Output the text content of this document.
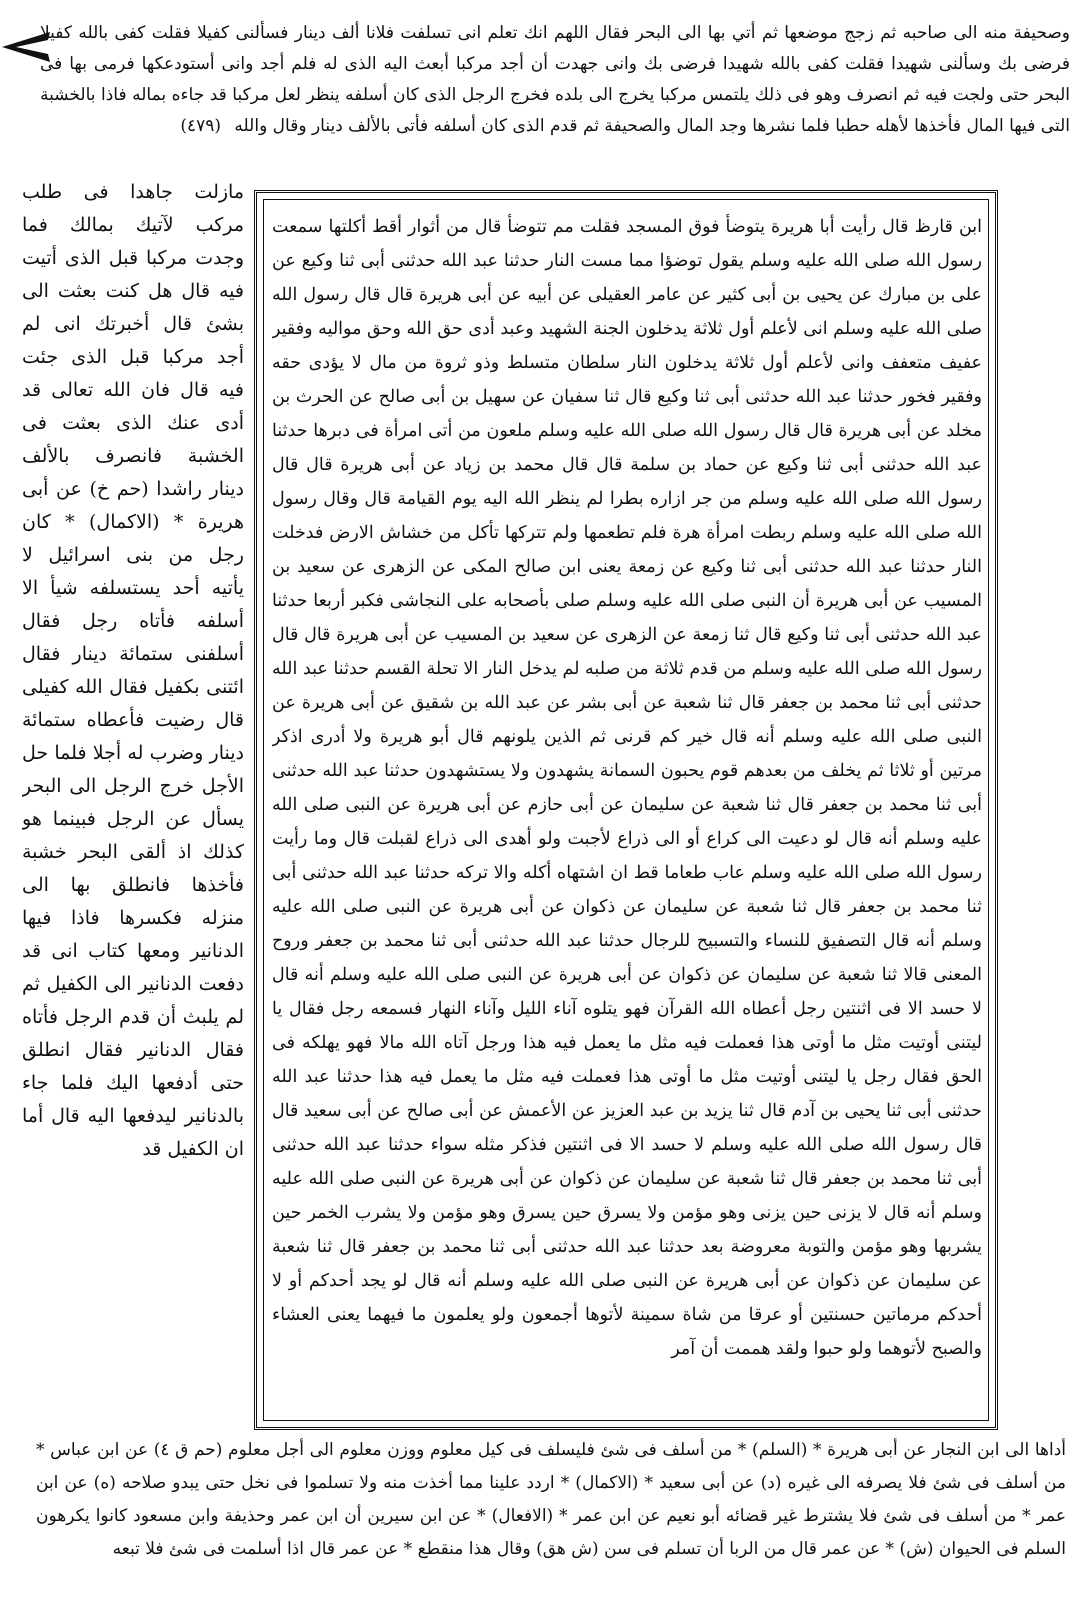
وصحيفة منه الى صاحبه ثم زجج موضعها ثم أتي بها الى البحر فقال اللهم انك تعلم انى تسلفت فلانا ألف دينار فسألنى كفيلا فقلت كفى بالله كفيلا فرضى بك وسألنى شهيدا فقلت كفى بالله شهيدا فرضى بك وانى جهدت أن أجد مركبا أبعث اليه الذى له فلم أجد وانى أستودعكها فرمى بها فى البحر حتى ولجت فيه ثم انصرف وهو فى ذلك يلتمس مركبا يخرج الى بلده فخرج الرجل الذى كان أسلفه ينظر لعل مركبا قد جاءه بماله فاذا بالخشبة التى فيها المال فأخذها لأهله حطبا فلما نشرها وجد المال والصحيفة ثم قدم الذى كان أسلفه فأتى بالألف دينار وقال والله (٤٧٩)

مازلت جاهدا فى طلب مركب لآتيك بمالك فما وجدت مركبا قبل الذى أتيت فيه قال هل كنت بعثت الى بشئ قال أخبرتك انى لم أجد مركبا قبل الذى جئت فيه قال فان الله تعالى قد أدى عنك الذى بعثت فى الخشبة فانصرف بالألف دينار راشدا (حم خ) عن أبى هريرة * (الاكمال) * كان رجل من بنى اسرائيل لا يأتيه أحد يستسلفه شيأ الا أسلفه فأتاه رجل فقال أسلفنى ستمائة دينار فقال ائتنى بكفيل فقال الله كفيلى قال رضيت فأعطاه ستمائة دينار وضرب له أجلا فلما حل الأجل خرج الرجل الى البحر يسأل عن الرجل فبينما هو كذلك اذ ألقى البحر خشبة فأخذها فانطلق بها الى منزله فكسرها فاذا فيها الدنانير ومعها كتاب انى قد دفعت الدنانير الى الكفيل ثم لم يلبث أن قدم الرجل فأتاه فقال الدنانير فقال انطلق حتى أدفعها اليك فلما جاء بالدنانير ليدفعها اليه قال أما ان الكفيل قد

ابن قارظ قال رأيت أبا هريرة يتوضأ فوق المسجد فقلت مم تتوضأ قال من أثوار أقط أكلتها سمعت رسول الله صلى الله عليه وسلم يقول توضؤا مما مست النار حدثنا عبد الله حدثنى أبى ثنا وكيع عن على بن مبارك عن يحيى بن أبى كثير عن عامر العقيلى عن أبيه عن أبى هريرة قال قال رسول الله صلى الله عليه وسلم انى لأعلم أول ثلاثة يدخلون الجنة الشهيد وعبد أدى حق الله وحق مواليه وفقير عفيف متعفف وانى لأعلم أول ثلاثة يدخلون النار سلطان متسلط وذو ثروة من مال لا يؤدى حقه وفقير فخور حدثنا عبد الله حدثنى أبى ثنا وكيع قال ثنا سفيان عن سهيل بن أبى صالح عن الحرث بن مخلد عن أبى هريرة قال قال رسول الله صلى الله عليه وسلم ملعون من أتى امرأة فى دبرها حدثنا عبد الله حدثنى أبى ثنا وكيع عن حماد بن سلمة قال قال محمد بن زياد عن أبى هريرة قال قال رسول الله صلى الله عليه وسلم من جر ازاره بطرا لم ينظر الله اليه يوم القيامة قال وقال رسول الله صلى الله عليه وسلم ربطت امرأة هرة فلم تطعمها ولم تتركها تأكل من خشاش الارض فدخلت النار حدثنا عبد الله حدثنى أبى ثنا وكيع عن زمعة يعنى ابن صالح المكى عن الزهرى عن سعيد بن المسيب عن أبى هريرة أن النبى صلى الله عليه وسلم صلى بأصحابه على النجاشى فكبر أربعا حدثنا عبد الله حدثنى أبى ثنا وكيع قال ثنا زمعة عن الزهرى عن سعيد بن المسيب عن أبى هريرة قال قال رسول الله صلى الله عليه وسلم من قدم ثلاثة من صلبه لم يدخل النار الا تحلة القسم حدثنا عبد الله حدثنى أبى ثنا محمد بن جعفر قال ثنا شعبة عن أبى بشر عن عبد الله بن شقيق عن أبى هريرة عن النبى صلى الله عليه وسلم أنه قال خير كم قرنى ثم الذين يلونهم قال أبو هريرة ولا أدرى اذكر مرتين أو ثلاثا ثم يخلف من بعدهم قوم يحبون السمانة يشهدون ولا يستشهدون حدثنا عبد الله حدثنى أبى ثنا محمد بن جعفر قال ثنا شعبة عن سليمان عن أبى حازم عن أبى هريرة عن النبى صلى الله عليه وسلم أنه قال لو دعيت الى كراع أو الى ذراع لأجبت ولو أهدى الى ذراع لقبلت قال وما رأيت رسول الله صلى الله عليه وسلم عاب طعاما قط ان اشتهاه أكله والا تركه حدثنا عبد الله حدثنى أبى ثنا محمد بن جعفر قال ثنا شعبة عن سليمان عن ذكوان عن أبى هريرة عن النبى صلى الله عليه وسلم أنه قال التصفيق للنساء والتسبيح للرجال حدثنا عبد الله حدثنى أبى ثنا محمد بن جعفر وروح المعنى قالا ثنا شعبة عن سليمان عن ذكوان عن أبى هريرة عن النبى صلى الله عليه وسلم أنه قال لا حسد الا فى اثنتين رجل أعطاه الله القرآن فهو يتلوه آناء الليل وآناء النهار فسمعه رجل فقال يا ليتنى أوتيت مثل ما أوتى هذا فعملت فيه مثل ما يعمل فيه هذا ورجل آتاه الله مالا فهو يهلكه فى الحق فقال رجل يا ليتنى أوتيت مثل ما أوتى هذا فعملت فيه مثل ما يعمل فيه هذا حدثنا عبد الله حدثنى أبى ثنا يحيى بن آدم قال ثنا يزيد بن عبد العزيز عن الأعمش عن أبى صالح عن أبى سعيد قال قال رسول الله صلى الله عليه وسلم لا حسد الا فى اثنتين فذكر مثله سواء حدثنا عبد الله حدثنى أبى ثنا محمد بن جعفر قال ثنا شعبة عن سليمان عن ذكوان عن أبى هريرة عن النبى صلى الله عليه وسلم أنه قال لا يزنى حين يزنى وهو مؤمن ولا يسرق حين يسرق وهو مؤمن ولا يشرب الخمر حين يشربها وهو مؤمن والتوبة معروضة بعد حدثنا عبد الله حدثنى أبى ثنا محمد بن جعفر قال ثنا شعبة عن سليمان عن ذكوان عن أبى هريرة عن النبى صلى الله عليه وسلم أنه قال لو يجد أحدكم أو لا أحدكم مرماتين حسنتين أو عرقا من شاة سمينة لأتوها أجمعون ولو يعلمون ما فيهما يعنى العشاء والصبح لأتوهما ولو حبوا ولقد هممت أن آمر

أداها الى ابن النجار عن أبى هريرة * (السلم) * من أسلف فى شئ فليسلف فى كيل معلوم ووزن معلوم الى أجل معلوم (حم ق ٤) عن ابن عباس * من أسلف فى شئ فلا يصرفه الى غيره (د) عن أبى سعيد * (الاكمال) * اردد علينا مما أخذت منه ولا تسلموا فى نخل حتى يبدو صلاحه (ه) عن ابن عمر * من أسلف فى شئ فلا يشترط غير قضائه أبو نعيم عن ابن عمر * (الافعال) * عن ابن سيرين أن ابن عمر وحذيفة وابن مسعود كانوا يكرهون السلم فى الحيوان (ش) * عن عمر قال من الربا أن تسلم فى سن (ش هق) وقال هذا منقطع * عن عمر قال اذا أسلمت فى شئ فلا تبعه
